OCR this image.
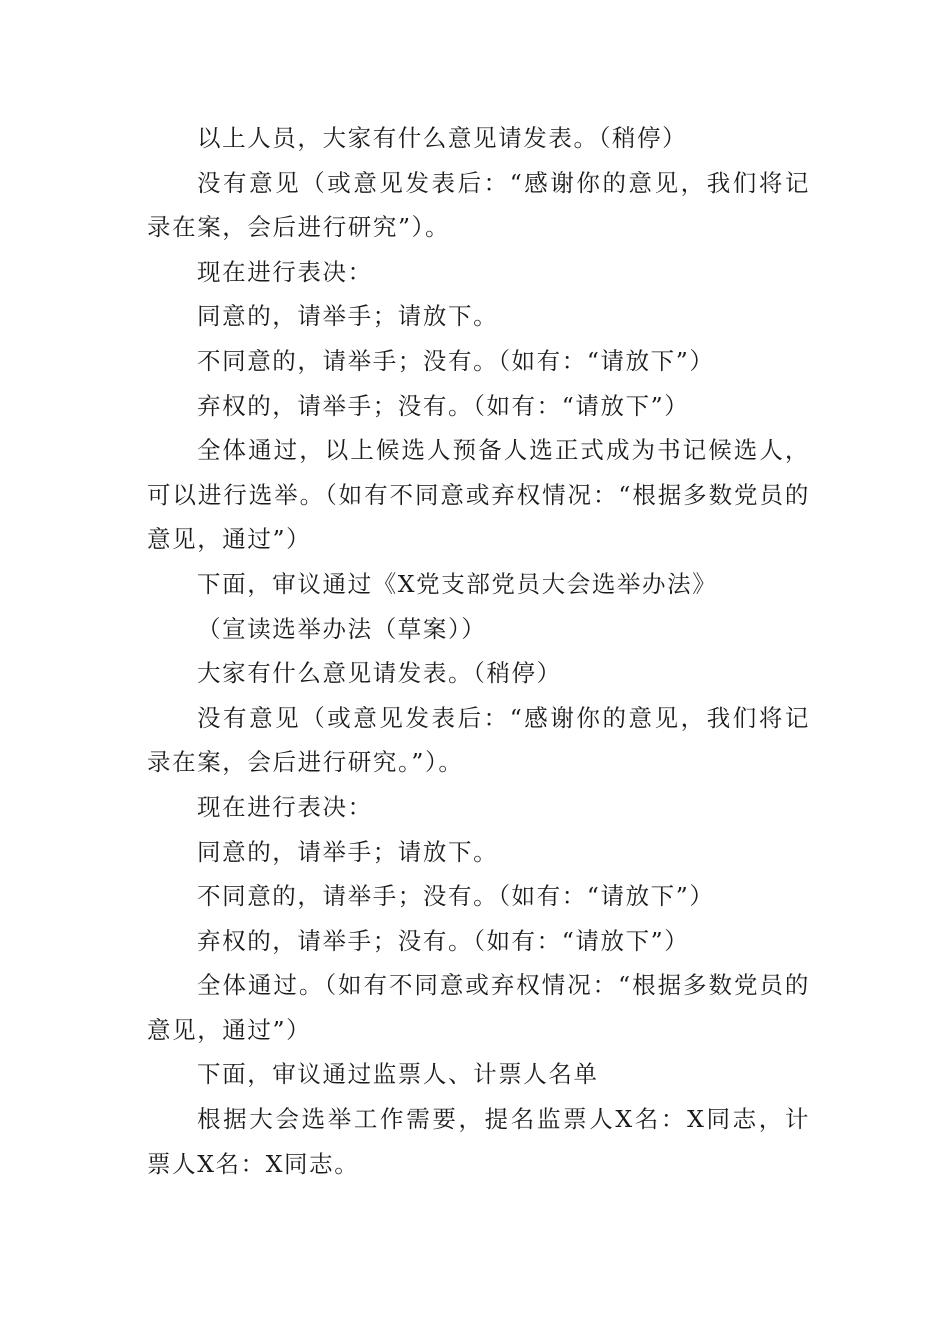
以上人员，大家有什么意见请发表。（稍停）

没有意见（或意见发表后：“感谢你的意见，我们将记录在案，会后进行研究”）。

现在进行表决：

同意的，请举手；请放下。

不同意的，请举手；没有。（如有：“请放下”）

弃权的，请举手；没有。（如有：“请放下”）

全体通过，以上候选人预备人选正式成为书记候选人，可以进行选举。（如有不同意或弃权情况：“根据多数党员的意见，通过”）

下面，审议通过《X党支部党员大会选举办法》

（宣读选举办法（草案））

大家有什么意见请发表。（稍停）

没有意见（或意见发表后：“感谢你的意见，我们将记录在案，会后进行研究。”）。

现在进行表决：

同意的，请举手；请放下。

不同意的，请举手；没有。（如有：“请放下”）

弃权的，请举手；没有。（如有：“请放下”）

全体通过。（如有不同意或弃权情况：“根据多数党员的意见，通过”）

下面，审议通过监票人、计票人名单

根据大会选举工作需要，提名监票人X名：X同志，计票人X名：X同志。
